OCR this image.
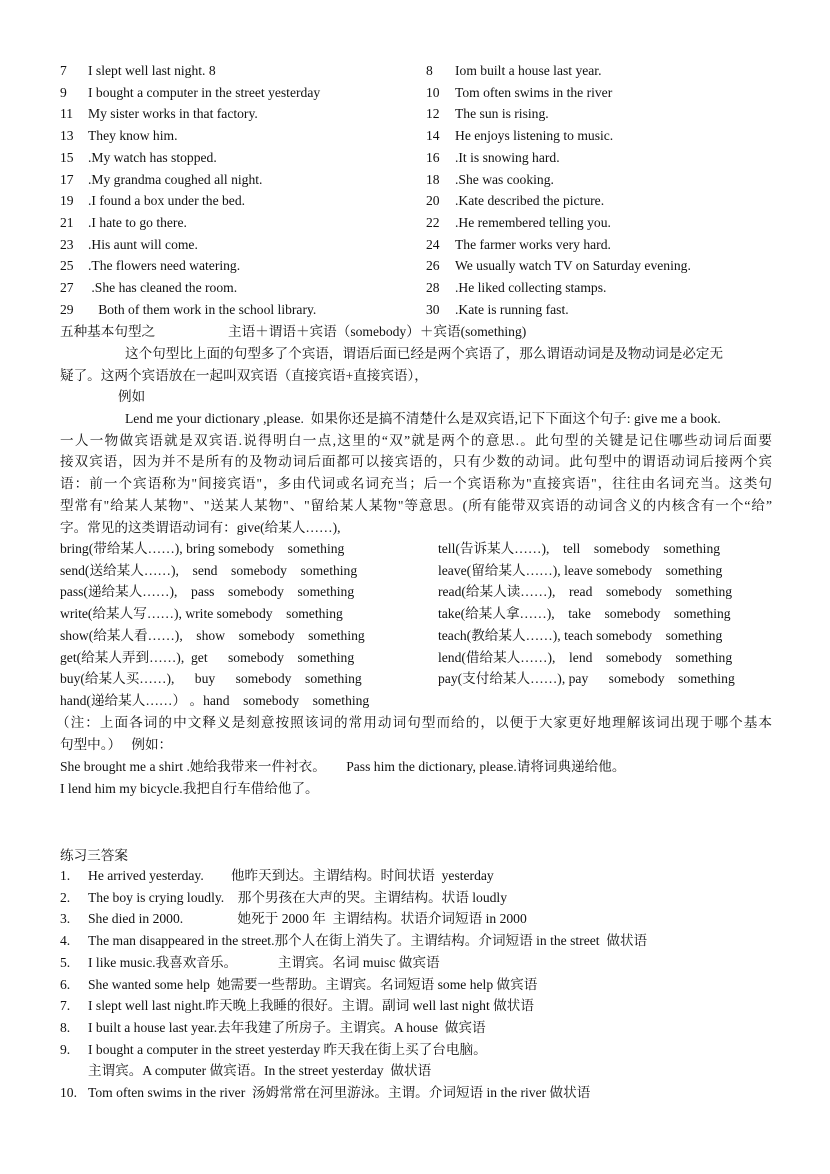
7 I slept well last night. 8	8 Iom built a house last year.
9 I bought a computer in the street yesterday	10 Tom often swims in the river
11 My sister works in that factory.	12 The sun is rising.
13 They know him.	14 He enjoys listening to music.
15 .My watch has stopped.	16 .It is snowing hard.
17 .My grandma coughed all night.	18 .She was cooking.
19 .I found a box under the bed.	20 .Kate described the picture.
21 .I hate to go there.	22 .He remembered telling you.
23 .His aunt will come.	24 The farmer works very hard.
25 .The flowers need watering.	26 We usually watch TV on Saturday evening.
27 .She has cleaned the room.	28 .He liked collecting stamps.
29 Both of them work in the school library.	30 .Kate is running fast.
五种基本句型之	主语＋谓语＋宾语（somebody）＋宾语(something)
这个句型比上面的句型多了个宾语，谓语后面已经是两个宾语了，那么谓语动词是及物动词是必定无
疑了。这两个宾语放在一起叫双宾语（直接宾语+直接宾语），
例如
Lend me your dictionary ,please.  如果你还是搞不清楚什么是双宾语,记下下面这个句子: give me a book.
一人一物做宾语就是双宾语.说得明白一点,这里的“双”就是两个的意思.。此句型的关键是记住哪些动词后面要
接双宾语，因为并不是所有的及物动词后面都可以接宾语的，只有少数的动词。此句型中的谓语动词后接两个宾
语：前一个宾语称为"间接宾语"，多由代词或名词充当；后一个宾语称为"直接宾语"，往往由名词充当。这类句
型常有"给某人某物"、"送某人某物"、"留给某人某物"等意思。(所有能带双宾语的动词含义的内核含有一个“给”
字。常见的这类谓语动词有：give(给某人……),
bring(带给某人……), bring somebody    something	tell(告诉某人……),    tell    somebody    something
send(送给某人……),    send    somebody    something	leave(留给某人……), leave somebody    something
pass(递给某人……),    pass    somebody    something	read(给某人读……),    read    somebody    something
write(给某人写……), write somebody    something	take(给某人拿……),    take    somebody    something
show(给某人看……),    show    somebody    something	teach(教给某人……), teach somebody    something
get(给某人弄到……),  get      somebody    something	lend(借给某人……),    lend    somebody    something
buy(给某人买……),      buy      somebody    something	pay(支付给某人……), pay      somebody    something
hand(递给某人……） 。hand    somebody    something
（注：上面各词的中文释义是刻意按照该词的常用动词句型而给的，以便于大家更好地理解该词出现于哪个基本
句型中。）   例如：
She brought me a shirt .她给我带来一件衬衣。      Pass him the dictionary, please.请将词典递给他。
I lend him my bicycle.我把自行车借给他了。
练习三答案
1. He arrived yesterday.        他昨天到达。主谓结构。时间状语  yesterday
2. The boy is crying loudly.    那个男孩在大声的哭。主谓结构。状语 loudly
3. She died in 2000.                她死于 2000 年  主谓结构。状语介词短语 in 2000
4. The man disappeared in the street.那个人在街上消失了。主谓结构。介词短语 in the street  做状语
5. I like music.我喜欢音乐。            主谓宾。名词 muisc 做宾语
6. She wanted some help  她需要一些帮助。主谓宾。名词短语 some help 做宾语
7. I slept well last night.昨天晚上我睡的很好。主谓。副词 well last night 做状语
8. I built a house last year.去年我建了所房子。主谓宾。A house  做宾语
9. I bought a computer in the street yesterday 昨天我在街上买了台电脑。
主谓宾。A computer 做宾语。In the street yesterday  做状语
10. Tom often swims in the river  汤姆常常在河里游泳。主谓。介词短语 in the river 做状语
